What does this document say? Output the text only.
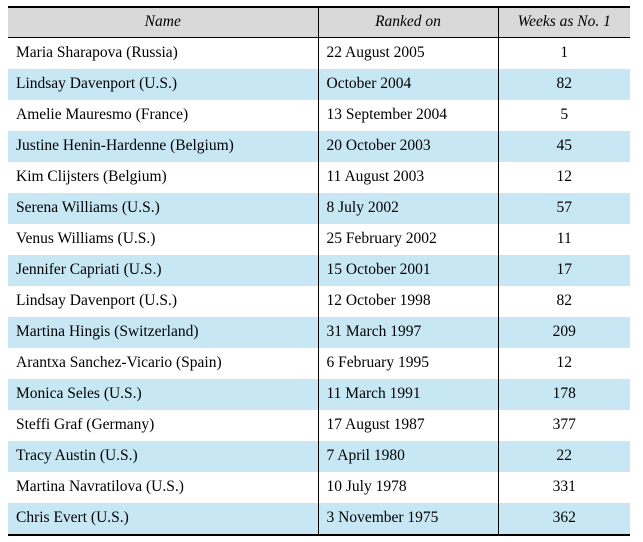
Name	Ranked on	Weeks as No. 1
Maria Sharapova (Russia)	22 August 2005	1
Lindsay Davenport (U.S.)	October 2004	82
Amelie Mauresmo (France)	13 September 2004	5
Justine Henin-Hardenne (Belgium)	20 October 2003	45
Kim Clijsters (Belgium)	11 August 2003	12
Serena Williams (U.S.)	8 July 2002	57
Venus Williams (U.S.)	25 February 2002	11
Jennifer Capriati (U.S.)	15 October 2001	17
Lindsay Davenport (U.S.)	12 October 1998	82
Martina Hingis (Switzerland)	31 March 1997	209
Arantxa Sanchez-Vicario (Spain)	6 February 1995	12
Monica Seles (U.S.)	11 March 1991	178
Steffi Graf (Germany)	17 August 1987	377
Tracy Austin (U.S.)	7 April 1980	22
Martina Navratilova (U.S.)	10 July 1978	331
Chris Evert (U.S.)	3 November 1975	362
